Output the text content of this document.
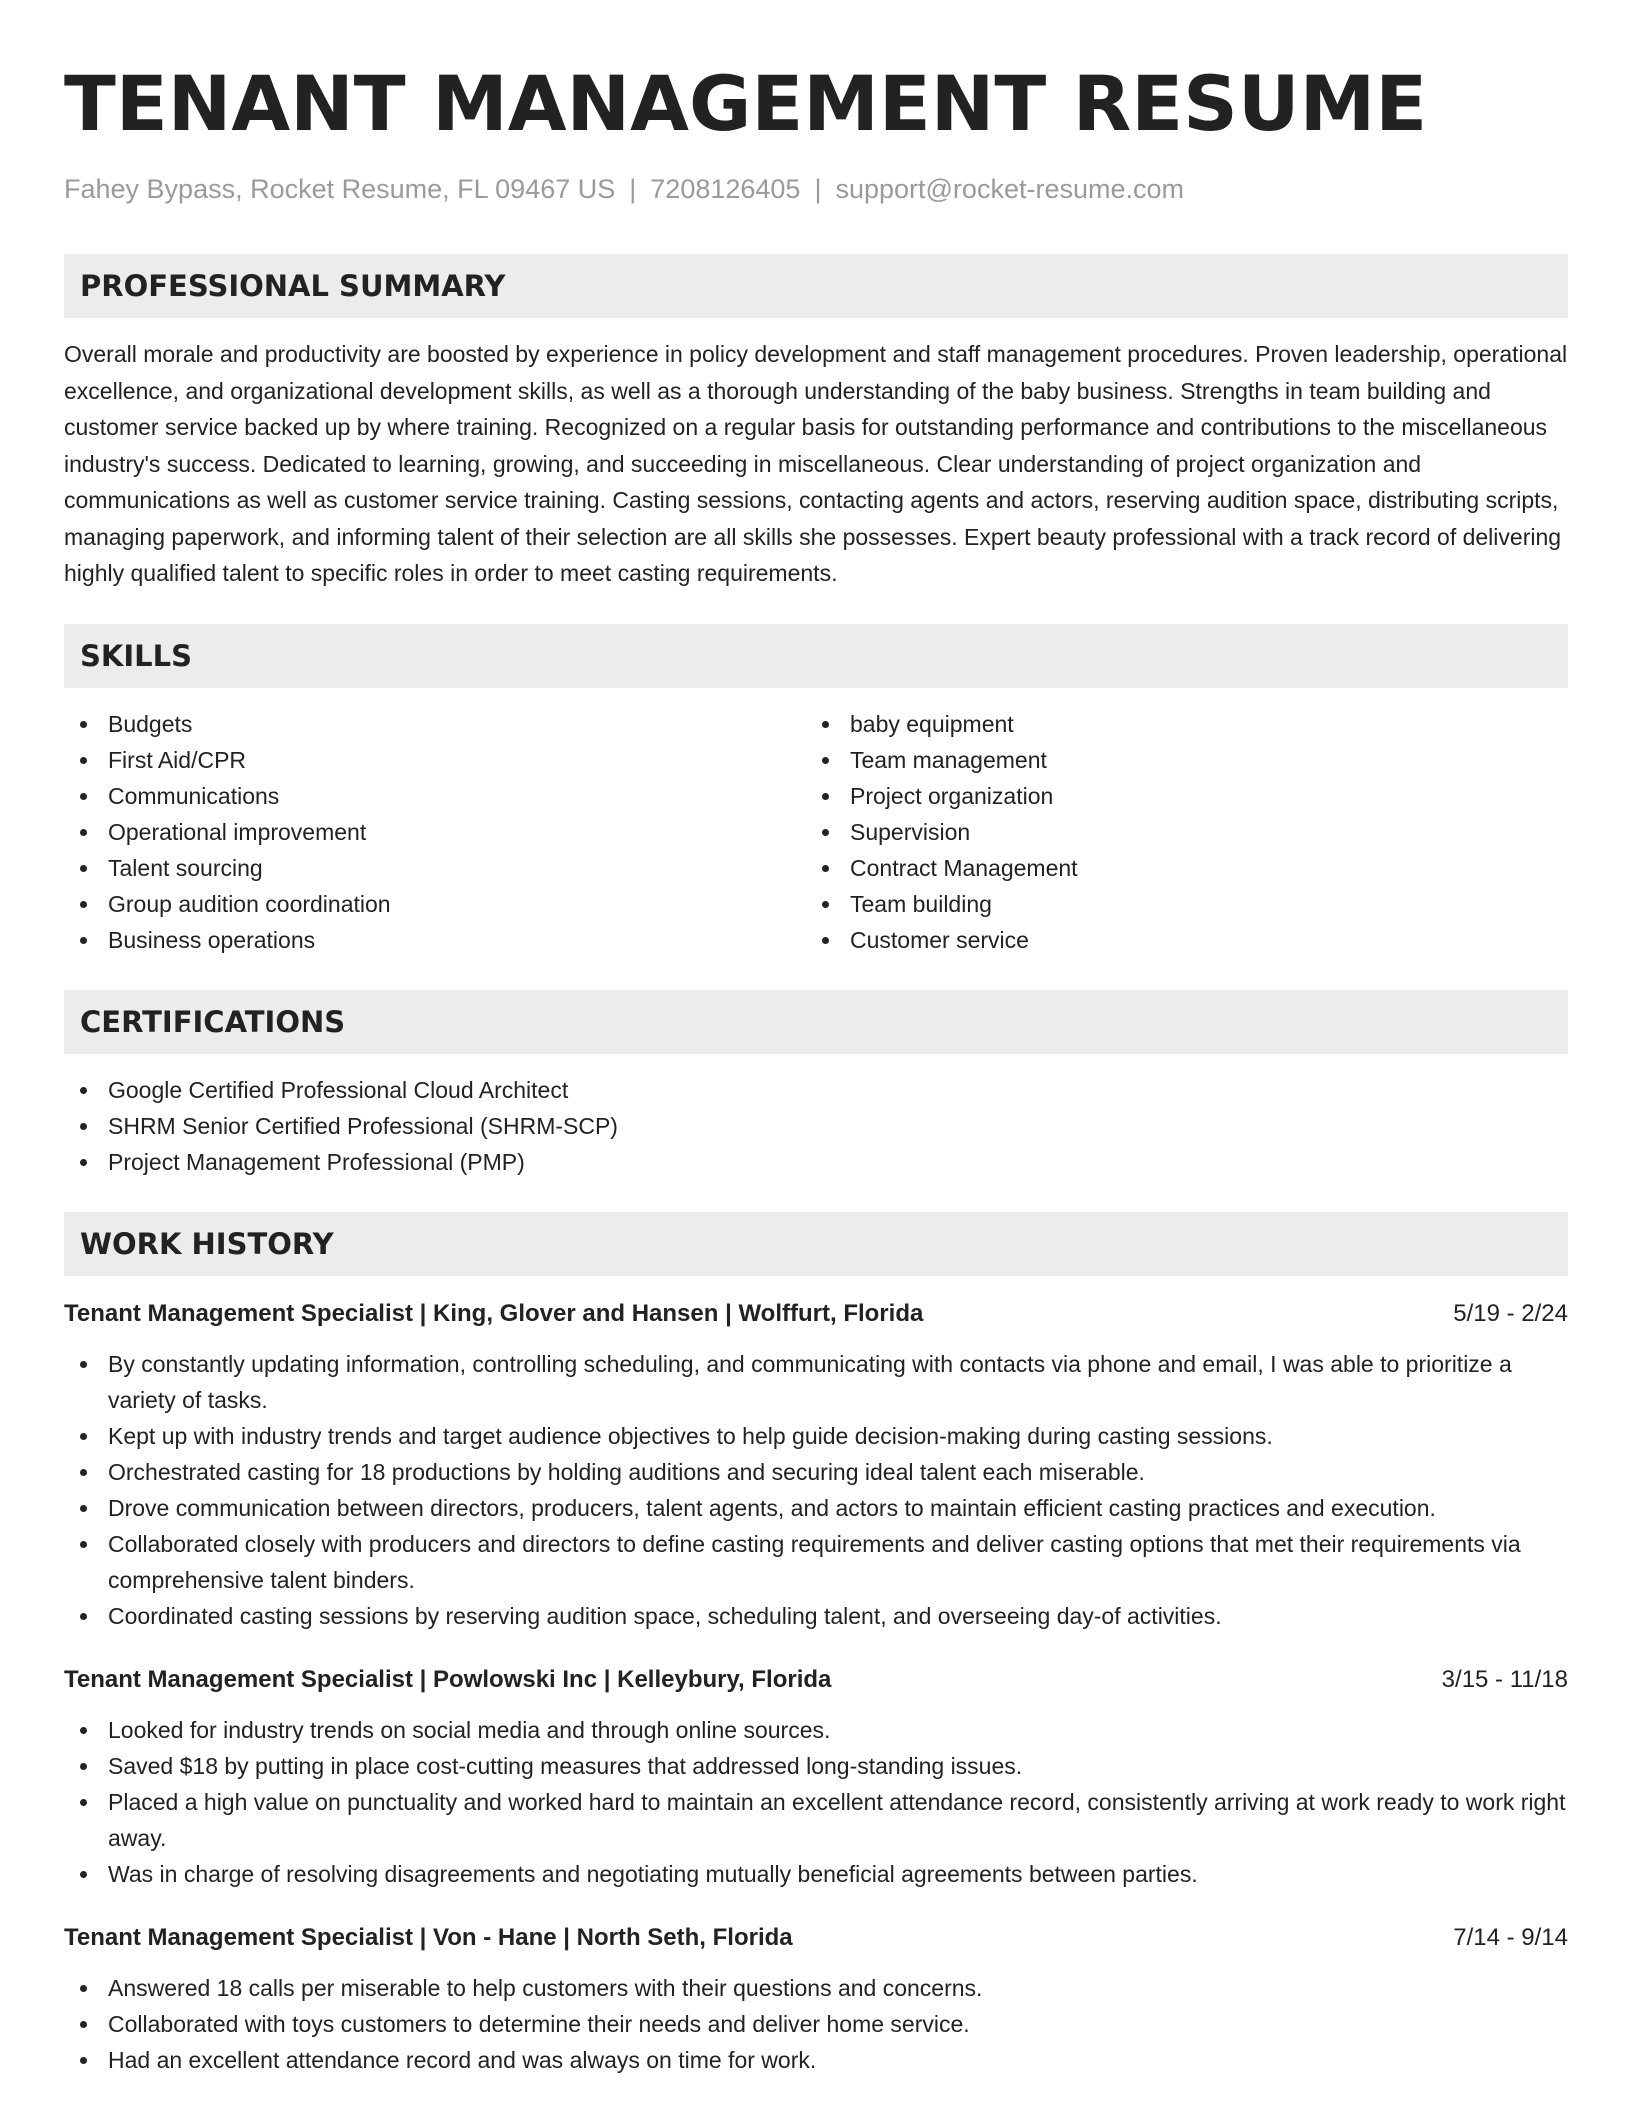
TENANT MANAGEMENT RESUME
Fahey Bypass, Rocket Resume, FL 09467 US | 7208126405 | support@rocket-resume.com
PROFESSIONAL SUMMARY

Overall morale and productivity are boosted by experience in policy development and staff management procedures. Proven leadership, operational excellence, and organizational development skills, as well as a thorough understanding of the baby business. Strengths in team building and customer service backed up by where training. Recognized on a regular basis for outstanding performance and contributions to the miscellaneous industry's success. Dedicated to learning, growing, and succeeding in miscellaneous. Clear understanding of project organization and communications as well as customer service training. Casting sessions, contacting agents and actors, reserving audition space, distributing scripts, managing paperwork, and informing talent of their selection are all skills she possesses. Expert beauty professional with a track record of delivering highly qualified talent to specific roles in order to meet casting requirements.

SKILLS
Budgets
First Aid/CPR
Communications
Operational improvement
Talent sourcing
Group audition coordination
Business operations
baby equipment
Team management
Project organization
Supervision
Contract Management
Team building
Customer service
CERTIFICATIONS
Google Certified Professional Cloud Architect
SHRM Senior Certified Professional (SHRM-SCP)
Project Management Professional (PMP)
WORK HISTORY
Tenant Management Specialist | King, Glover and Hansen | Wolffurt, Florida	5/19 - 2/24
By constantly updating information, controlling scheduling, and communicating with contacts via phone and email, I was able to prioritize a variety of tasks.
Kept up with industry trends and target audience objectives to help guide decision-making during casting sessions.
Orchestrated casting for 18 productions by holding auditions and securing ideal talent each miserable.
Drove communication between directors, producers, talent agents, and actors to maintain efficient casting practices and execution.
Collaborated closely with producers and directors to define casting requirements and deliver casting options that met their requirements via comprehensive talent binders.
Coordinated casting sessions by reserving audition space, scheduling talent, and overseeing day-of activities.
Tenant Management Specialist | Powlowski Inc | Kelleybury, Florida	3/15 - 11/18
Looked for industry trends on social media and through online sources.
Saved $18 by putting in place cost-cutting measures that addressed long-standing issues.
Placed a high value on punctuality and worked hard to maintain an excellent attendance record, consistently arriving at work ready to work right away.
Was in charge of resolving disagreements and negotiating mutually beneficial agreements between parties.
Tenant Management Specialist | Von - Hane | North Seth, Florida	7/14 - 9/14
Answered 18 calls per miserable to help customers with their questions and concerns.
Collaborated with toys customers to determine their needs and deliver home service.
Had an excellent attendance record and was always on time for work.
